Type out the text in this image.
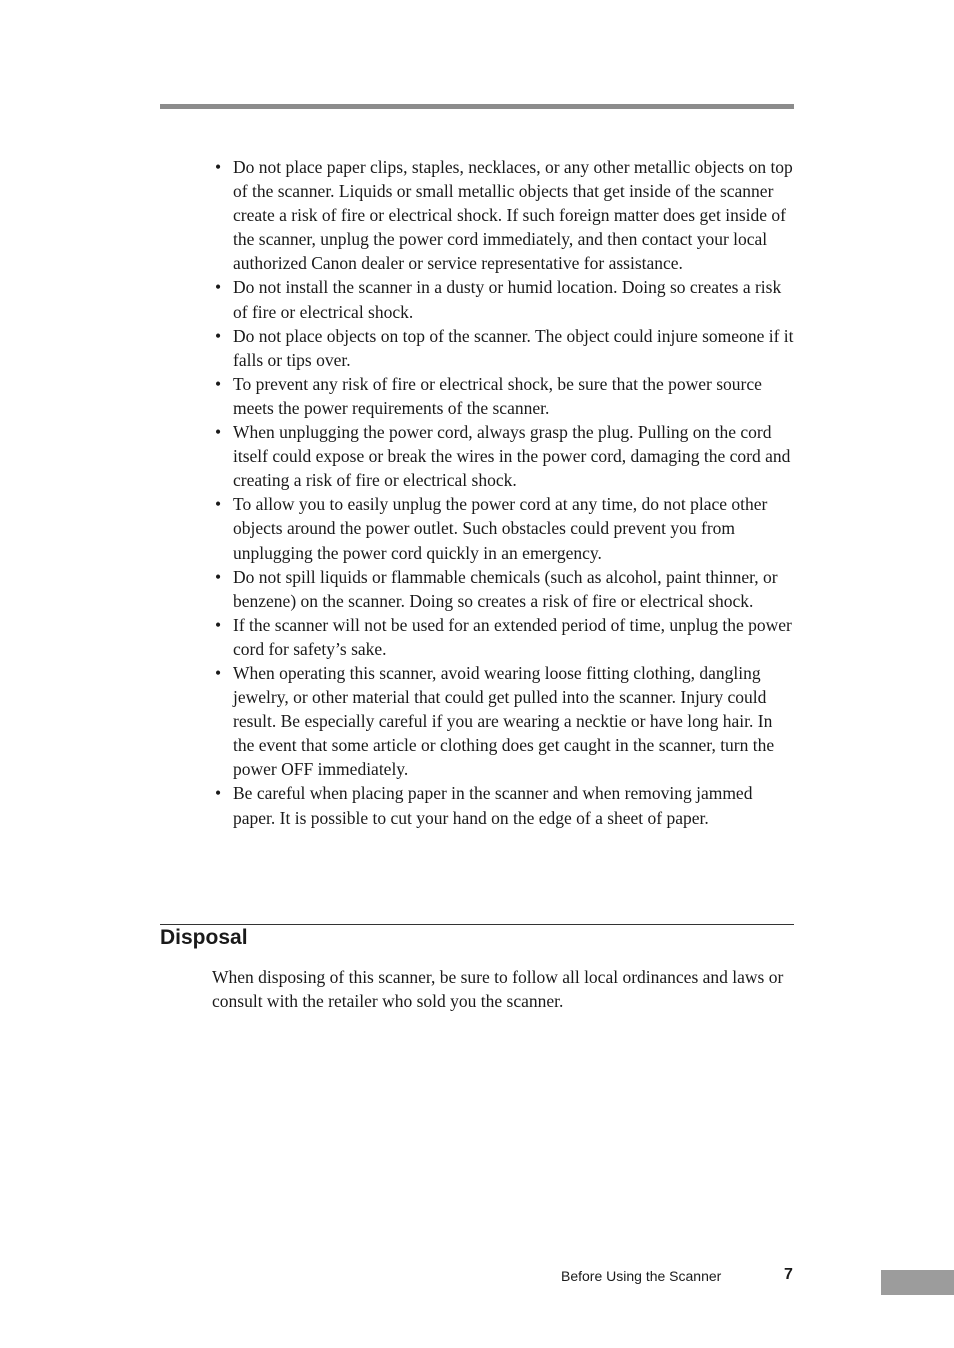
• Do not place paper clips, staples, necklaces, or any other metallic objects on top of the scanner. Liquids or small metallic objects that get inside of the scanner create a risk of fire or electrical shock. If such foreign matter does get inside of the scanner, unplug the power cord immediately, and then contact your local authorized Canon dealer or service representative for assistance.
• Do not install the scanner in a dusty or humid location. Doing so creates a risk of fire or electrical shock.
• Do not place objects on top of the scanner. The object could injure someone if it falls or tips over.
• To prevent any risk of fire or electrical shock, be sure that the power source meets the power requirements of the scanner.
• When unplugging the power cord, always grasp the plug. Pulling on the cord itself could expose or break the wires in the power cord, damaging the cord and creating a risk of fire or electrical shock.
• To allow you to easily unplug the power cord at any time, do not place other objects around the power outlet. Such obstacles could prevent you from unplugging the power cord quickly in an emergency.
• Do not spill liquids or flammable chemicals (such as alcohol, paint thinner, or benzene) on the scanner. Doing so creates a risk of fire or electrical shock.
• If the scanner will not be used for an extended period of time, unplug the power cord for safety’s sake.
• When operating this scanner, avoid wearing loose fitting clothing, dangling jewelry, or other material that could get pulled into the scanner. Injury could result. Be especially careful if you are wearing a necktie or have long hair. In the event that some article or clothing does get caught in the scanner, turn the power OFF immediately.
• Be careful when placing paper in the scanner and when removing jammed paper. It is possible to cut your hand on the edge of a sheet of paper.
Disposal

When disposing of this scanner, be sure to follow all local ordinances and laws or consult with the retailer who sold you the scanner.

Before Using the Scanner	7
